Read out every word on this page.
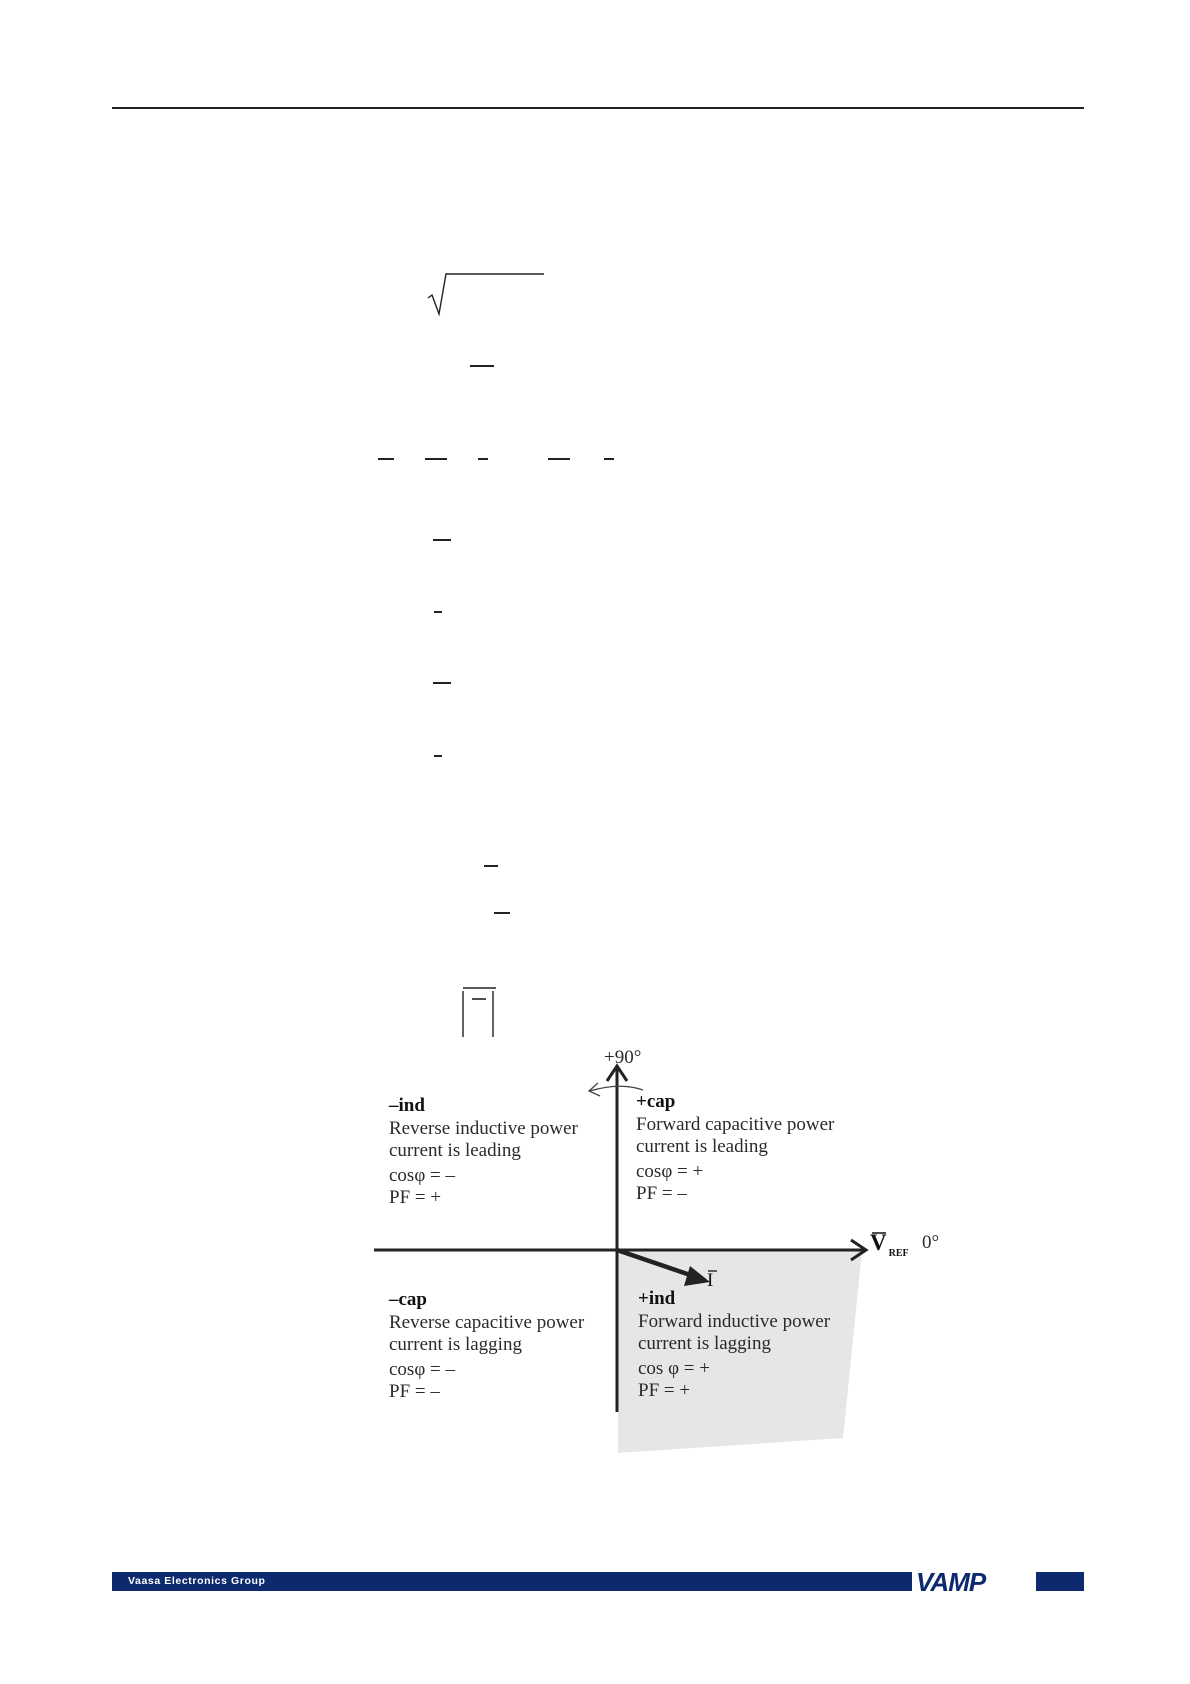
+90°
0°
V $_{REF}$
I
–ind
Reverse inductive power
current is leading
cosφ = –
PF = +
+cap
Forward capacitive power
current is leading
cosφ = +
PF = –
–cap
Reverse capacitive power
current is lagging
cosφ = –
PF = –
+ind
Forward inductive power
current is lagging
cos φ = +
PF = +
Vaasa Electronics Group	VAMP
